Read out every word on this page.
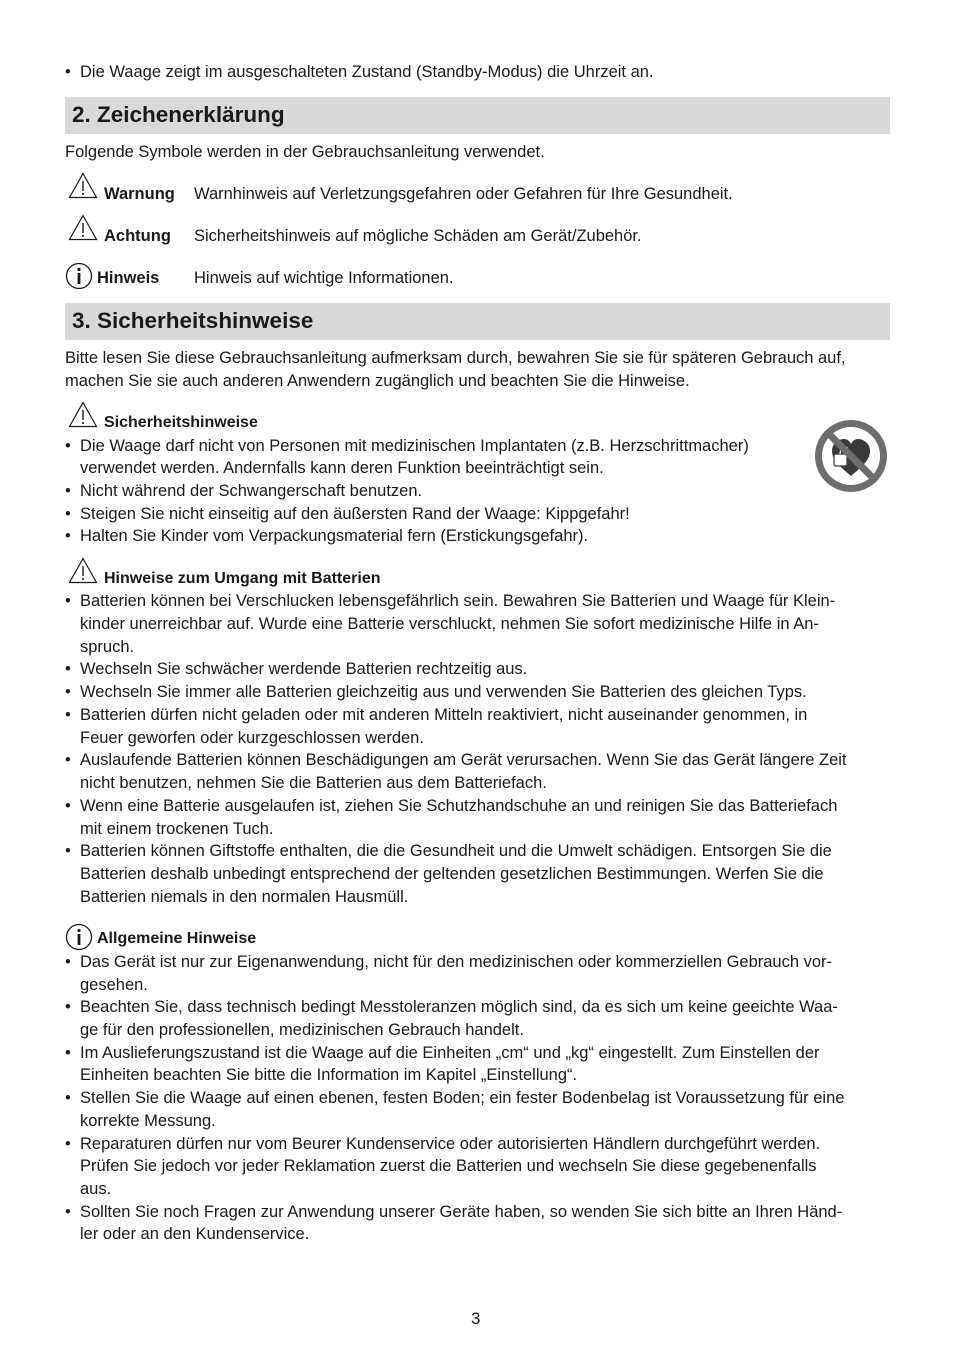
• Die Waage zeigt im ausgeschalteten Zustand (Standby-Modus) die Uhrzeit an.
2. Zeichenerklärung
Folgende Symbole werden in der Gebrauchsanleitung verwendet.
Warnung Warnhinweis auf Verletzungsgefahren oder Gefahren für Ihre Gesundheit.
Achtung Sicherheitshinweis auf mögliche Schäden am Gerät/Zubehör.
Hinweis Hinweis auf wichtige Informationen.
3. Sicherheitshinweise
Bitte lesen Sie diese Gebrauchsanleitung aufmerksam durch, bewahren Sie sie für späteren Gebrauch auf,
machen Sie sie auch anderen Anwendern zugänglich und beachten Sie die Hinweise.
Sicherheitshinweise
• Die Waage darf nicht von Personen mit medizinischen Implantaten (z.B. Herzschrittmacher)
verwendet werden. Andernfalls kann deren Funktion beeinträchtigt sein.
• Nicht während der Schwangerschaft benutzen.
• Steigen Sie nicht einseitig auf den äußersten Rand der Waage: Kippgefahr!
• Halten Sie Kinder vom Verpackungsmaterial fern (Erstickungsgefahr).
Hinweise zum Umgang mit Batterien
• Batterien können bei Verschlucken lebensgefährlich sein. Bewahren Sie Batterien und Waage für Klein-
kinder unerreichbar auf. Wurde eine Batterie verschluckt, nehmen Sie sofort medizinische Hilfe in An-
spruch.
• Wechseln Sie schwächer werdende Batterien rechtzeitig aus.
• Wechseln Sie immer alle Batterien gleichzeitig aus und verwenden Sie Batterien des gleichen Typs.
• Batterien dürfen nicht geladen oder mit anderen Mitteln reaktiviert, nicht auseinander genommen, in
Feuer geworfen oder kurzgeschlossen werden.
• Auslaufende Batterien können Beschädigungen am Gerät verursachen. Wenn Sie das Gerät längere Zeit
nicht benutzen, nehmen Sie die Batterien aus dem Batteriefach.
• Wenn eine Batterie ausgelaufen ist, ziehen Sie Schutzhandschuhe an und reinigen Sie das Batteriefach
mit einem trockenen Tuch.
• Batterien können Giftstoffe enthalten, die die Gesundheit und die Umwelt schädigen. Entsorgen Sie die
Batterien deshalb unbedingt entsprechend der geltenden gesetzlichen Bestimmungen. Werfen Sie die
Batterien niemals in den normalen Hausmüll.
Allgemeine Hinweise
• Das Gerät ist nur zur Eigenanwendung, nicht für den medizinischen oder kommerziellen Gebrauch vor-
gesehen.
• Beachten Sie, dass technisch bedingt Messtoleranzen möglich sind, da es sich um keine geeichte Waa-
ge für den professionellen, medizinischen Gebrauch handelt.
• Im Auslieferungszustand ist die Waage auf die Einheiten „cm“ und „kg“ eingestellt. Zum Einstellen der
Einheiten beachten Sie bitte die Information im Kapitel „Einstellung“.
• Stellen Sie die Waage auf einen ebenen, festen Boden; ein fester Bodenbelag ist Voraussetzung für eine
korrekte Messung.
• Reparaturen dürfen nur vom Beurer Kundenservice oder autorisierten Händlern durchgeführt werden.
Prüfen Sie jedoch vor jeder Reklamation zuerst die Batterien und wechseln Sie diese gegebenenfalls
aus.
• Sollten Sie noch Fragen zur Anwendung unserer Geräte haben, so wenden Sie sich bitte an Ihren Händ-
ler oder an den Kundenservice.
3
